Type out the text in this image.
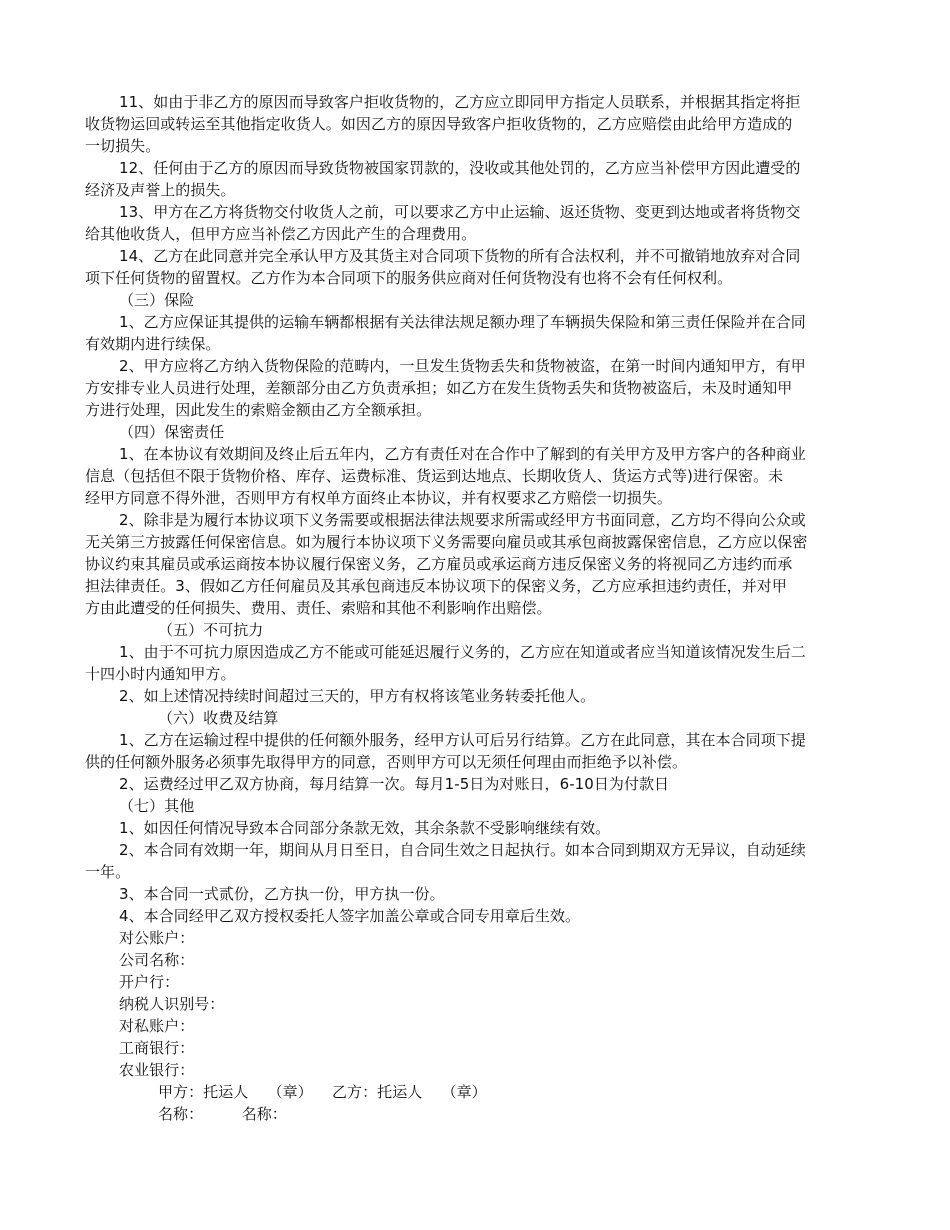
11、如由于非乙方的原因而导致客户拒收货物的，乙方应立即同甲方指定人员联系，并根据其指定将拒
收货物运回或转运至其他指定收货人。如因乙方的原因导致客户拒收货物的，乙方应赔偿由此给甲方造成的
一切损失。
12、任何由于乙方的原因而导致货物被国家罚款的，没收或其他处罚的，乙方应当补偿甲方因此遭受的
经济及声誉上的损失。
13、甲方在乙方将货物交付收货人之前，可以要求乙方中止运输、返还货物、变更到达地或者将货物交
给其他收货人，但甲方应当补偿乙方因此产生的合理费用。
14、乙方在此同意并完全承认甲方及其货主对合同项下货物的所有合法权利，并不可撤销地放弃对合同
项下任何货物的留置权。乙方作为本合同项下的服务供应商对任何货物没有也将不会有任何权利。
（三）保险
1、乙方应保证其提供的运输车辆都根据有关法律法规足额办理了车辆损失保险和第三责任保险并在合同
有效期内进行续保。
2、甲方应将乙方纳入货物保险的范畴内，一旦发生货物丢失和货物被盗，在第一时间内通知甲方，有甲
方安排专业人员进行处理，差额部分由乙方负责承担；如乙方在发生货物丢失和货物被盗后，未及时通知甲
方进行处理，因此发生的索赔金额由乙方全额承担。
（四）保密责任
1、在本协议有效期间及终止后五年内，乙方有责任对在合作中了解到的有关甲方及甲方客户的各种商业
信息（包括但不限于货物价格、库存、运费标准、货运到达地点、长期收货人、货运方式等)进行保密。未
经甲方同意不得外泄，否则甲方有权单方面终止本协议，并有权要求乙方赔偿一切损失。
2、除非是为履行本协议项下义务需要或根据法律法规要求所需或经甲方书面同意，乙方均不得向公众或
无关第三方披露任何保密信息。如为履行本协议项下义务需要向雇员或其承包商披露保密信息，乙方应以保密
协议约束其雇员或承运商按本协议履行保密义务，乙方雇员或承运商方违反保密义务的将视同乙方违约而承
担法律责任。3、假如乙方任何雇员及其承包商违反本协议项下的保密义务，乙方应承担违约责任，并对甲
方由此遭受的任何损失、费用、责任、索赔和其他不利影响作出赔偿。
（五）不可抗力
1、由于不可抗力原因造成乙方不能或可能延迟履行义务的，乙方应在知道或者应当知道该情况发生后二
十四小时内通知甲方。
2、如上述情况持续时间超过三天的，甲方有权将该笔业务转委托他人。
（六）收费及结算
1、乙方在运输过程中提供的任何额外服务，经甲方认可后另行结算。乙方在此同意，其在本合同项下提
供的任何额外服务必须事先取得甲方的同意，否则甲方可以无须任何理由而拒绝予以补偿。
2、运费经过甲乙双方协商，每月结算一次。每月1-5日为对账日，6-10日为付款日
（七）其他
1、如因任何情况导致本合同部分条款无效，其余条款不受影响继续有效。
2、本合同有效期一年，期间从月日至日，自合同生效之日起执行。如本合同到期双方无异议，自动延续
一年。
3、本合同一式贰份，乙方执一份，甲方执一份。
4、本合同经甲乙双方授权委托人签字加盖公章或合同专用章后生效。
对公账户：
公司名称：
开户行：
纳税人识别号：
对私账户：
工商银行：
农业银行：
甲方：托运人    （章）    乙方：托运人    （章）
名称：        名称：
